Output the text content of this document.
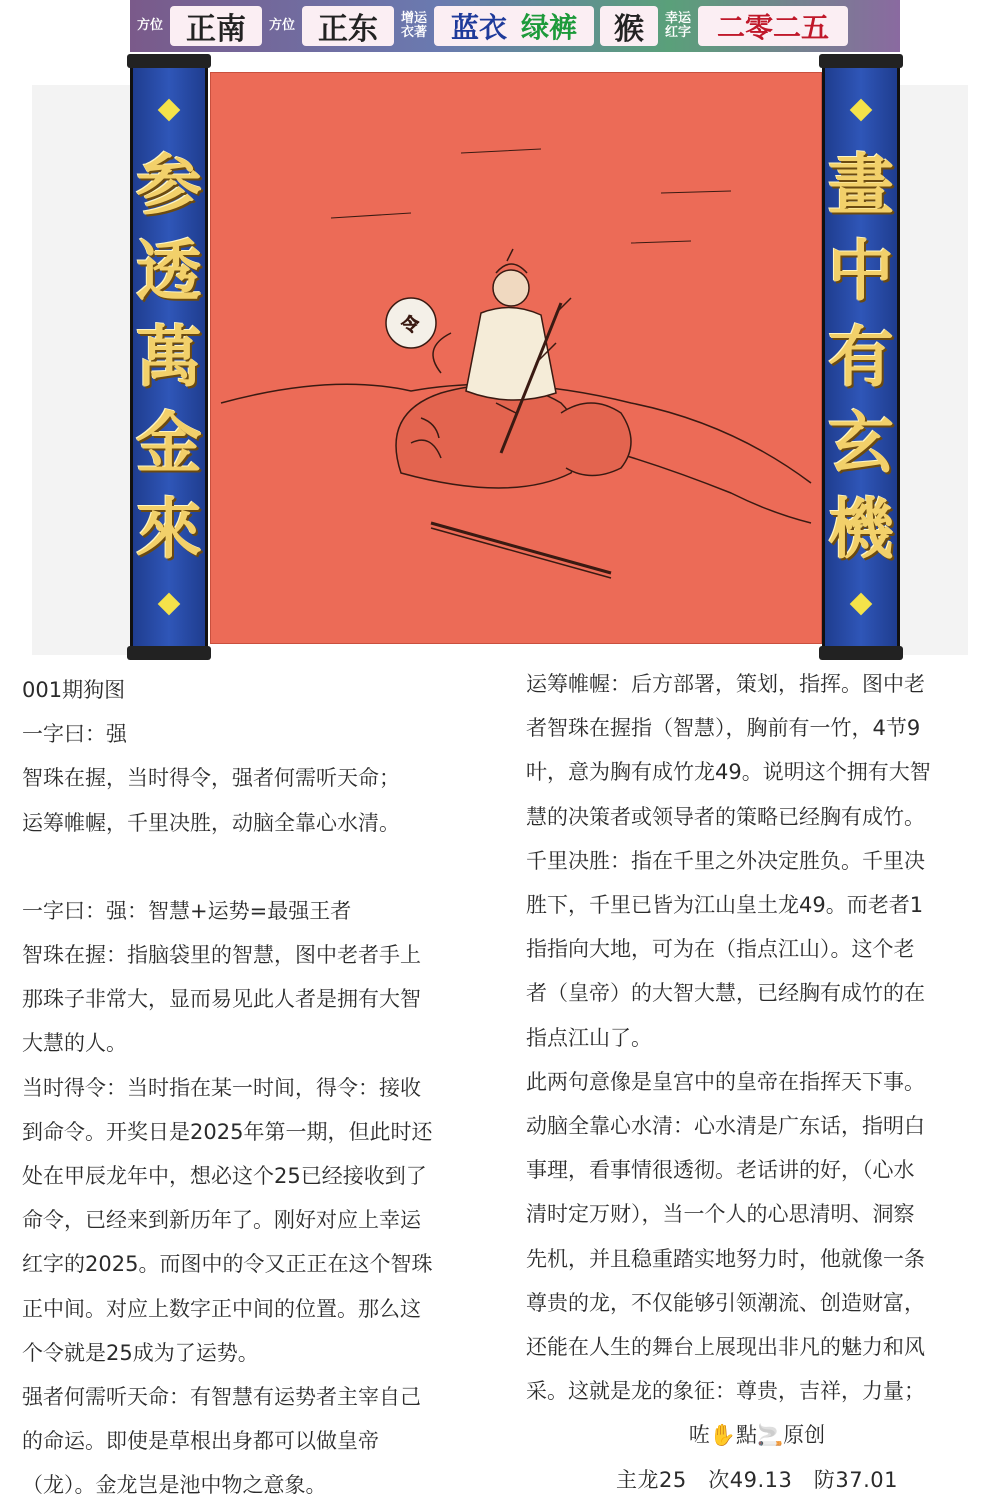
方位 正南	方位 正东	增运衣著 蓝衣 绿裤	猴	幸运红字 二零二五
令
参
透
萬
金
來
畫
中
有
玄
機

001期狗图

一字曰：强

智珠在握，当时得令，强者何需听天命；

运筹帷幄，千里决胜，动脑全靠心水清。

一字曰：强：智慧+运势=最强王者

智珠在握：指脑袋里的智慧，图中老者手上

那珠子非常大，显而易见此人者是拥有大智

大慧的人。

当时得令：当时指在某一时间，得令：接收

到命令。开奖日是2025年第一期，但此时还

处在甲辰龙年中，想必这个25已经接收到了

命令，已经来到新历年了。刚好对应上幸运

红字的2025。而图中的令又正正在这个智珠

正中间。对应上数字正中间的位置。那么这

个令就是25成为了运势。

强者何需听天命：有智慧有运势者主宰自己

的命运。即使是草根出身都可以做皇帝

（龙）。金龙岂是池中物之意象。

运筹帷幄：后方部署，策划，指挥。图中老

者智珠在握指（智慧），胸前有一竹，4节9

叶，意为胸有成竹龙49。说明这个拥有大智

慧的决策者或领导者的策略已经胸有成竹。

千里决胜：指在千里之外决定胜负。千里决

胜下，千里已皆为江山皇土龙49。而老者1

指指向大地，可为在（指点江山）。这个老

者（皇帝）的大智大慧，已经胸有成竹的在

指点江山了。

此两句意像是皇宫中的皇帝在指挥天下事。

动脑全靠心水清：心水清是广东话，指明白

事理，看事情很透彻。老话讲的好，（心水

清时定万财），当一个人的心思清明、洞察

先机，并且稳重踏实地努力时，他就像一条

尊贵的龙，不仅能够引领潮流、创造财富，

还能在人生的舞台上展现出非凡的魅力和风

采。这就是龙的象征：尊贵，吉祥，力量；

咗✋點🚬原创

主龙25　次49.13　防37.01
